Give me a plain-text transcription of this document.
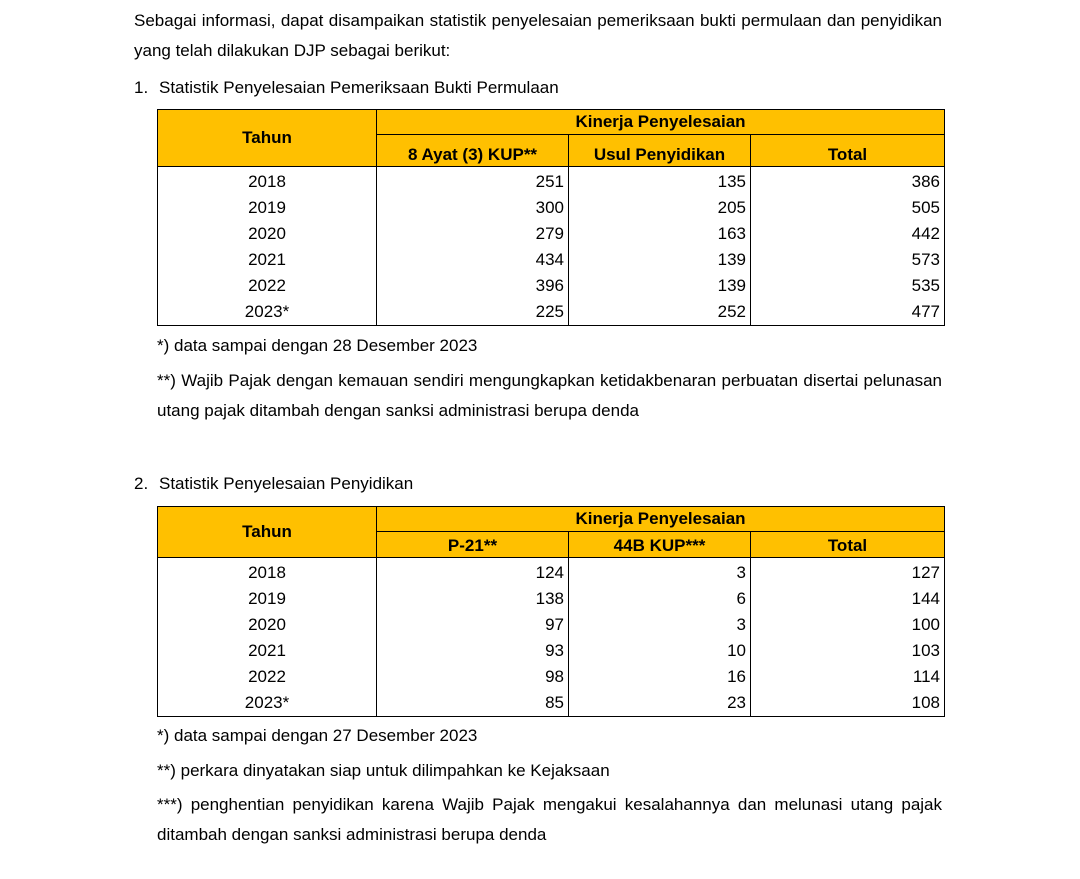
Sebagai informasi, dapat disampaikan statistik penyelesaian pemeriksaan bukti permulaan dan penyidikan yang telah dilakukan DJP sebagai berikut:

1. Statistik Penyelesaian Pemeriksaan Bukti Permulaan
Tahun	Kinerja Penyelesaian		
	8 Ayat (3) KUP**	Usul Penyidikan	Total
2018	251	135	386
2019	300	205	505
2020	279	163	442
2021	434	139	573
2022	396	139	535
2023*	225	252	477
*) data sampai dengan 28 Desember 2023
**) Wajib Pajak dengan kemauan sendiri mengungkapkan ketidakbenaran perbuatan disertai pelunasan utang pajak ditambah dengan sanksi administrasi berupa denda
2. Statistik Penyelesaian Penyidikan
Tahun	Kinerja Penyelesaian		
	P-21**	44B KUP***	Total
2018	124	3	127
2019	138	6	144
2020	97	3	100
2021	93	10	103
2022	98	16	114
2023*	85	23	108
*) data sampai dengan 27 Desember 2023
**) perkara dinyatakan siap untuk dilimpahkan ke Kejaksaan
***) penghentian penyidikan karena Wajib Pajak mengakui kesalahannya dan melunasi utang pajak ditambah dengan sanksi administrasi berupa denda
